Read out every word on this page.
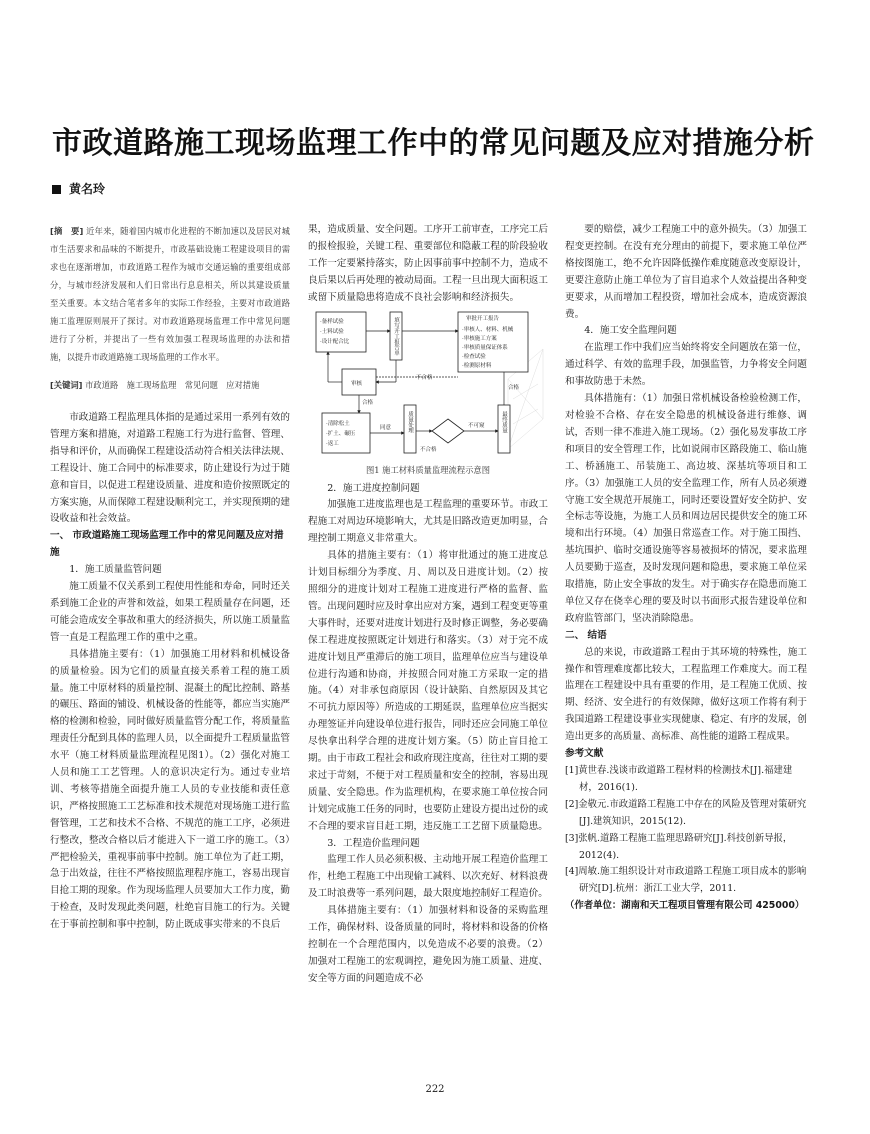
市政道路施工现场监理工作中的常见问题及应对措施分析
黄名玲
[摘　要] 近年来，随着国内城市化进程的不断加速以及居民对城市生活要求和品味的不断提升，市政基础设施工程建设项目的需求也在逐渐增加，市政道路工程作为城市交通运输的重要组成部分，与城市经济发展和人们日常出行息息相关，所以其建设质量至关重要。本文结合笔者多年的实际工作经验，主要对市政道路施工监理原则展开了探讨。对市政道路现场监理工作中常见问题进行了分析，并提出了一些有效加强工程现场监理的办法和措施，以提升市政道路施工现场监理的工作水平。
[关键词] 市政道路　施工现场监理　常见问题　应对措施

市政道路工程监理具体指的是通过采用一系列有效的管理方案和措施，对道路工程施工行为进行监督、管理、指导和评价，从而确保工程建设活动符合相关法律法规、工程设计、施工合同中的标准要求，防止建设行为过于随意和盲目，以促进工程建设质量、进度和造价按照既定的方案实施，从而保障工程建设顺利完工，并实现预期的建设收益和社会效益。

一、 市政道路施工现场监理工作中的常见问题及应对措施
1．施工质量监管问题

施工质量不仅关系到工程使用性能和寿命，同时还关系到施工企业的声誉和效益，如果工程质量存在问题，还可能会造成安全事故和重大的经济损失，所以施工质量监管一直是工程监理工作的重中之重。

具体措施主要有：（1）加强施工用材料和机械设备的质量检验。因为它们的质量直接关系着工程的施工质量。施工中原材料的质量控制、混凝土的配比控制、路基的碾压、路面的铺设、机械设备的性能等，都应当实施严格的检测和检验，同时做好质量监管分配工作，将质量监理责任分配到具体的监理人员，以全面提升工程质量监管水平（施工材料质量监理流程见图1）。（2）强化对施工人员和施工工艺管理。人的意识决定行为。通过专业培训、考核等措施全面提升施工人员的专业技能和责任意识，严格按照施工工艺标准和技术规范对现场施工进行监督管理，工艺和技术不合格、不规范的施工工序，必须进行整改，整改合格以后才能进入下一道工序的施工。（3）严把检验关，重视事前事中控制。施工单位为了赶工期，急于出效益，往往不严格按照监理程序施工，容易出现盲目抢工期的现象。作为现场监理人员要加大工作力度，勤于检查，及时发现此类问题，杜绝盲目施工的行为。关键在于事前控制和事中控制，防止既成事实带来的不良后

果，造成质量、安全问题。工序开工前审查，工序完工后的报检报验，关键工程、重要部位和隐蔽工程的阶段验收工作一定要紧持落实，防止因事前事中控制不力，造成不良后果以后再处理的被动局面。工程一旦出现大面积返工或留下质量隐患将造成不良社会影响和经济损失。

·备样试验
·土料试验
·设计配合比	填写开工报告单	审批开工报告
·审核人、材料、机械
·审核施工方案
·审核质量保证体系
·检查试验
·检测原材料
审核
不合格
合格
·清除松土
·扩土、碾压
·返工
质量处理
同意	不可窥
不合格
最终质量
合格
图1 施工材料质量监理流程示意图
2．施工进度控制问题

加强施工进度监理也是工程监理的重要环节。市政工程施工对周边环境影响大，尤其是旧路改造更加明显，合理控制工期意义非常重大。

具体的措施主要有：（1）将审批通过的施工进度总计划目标细分为季度、月、周以及日进度计划。（2）按照细分的进度计划对工程施工进度进行严格的监督、监管。出现问题时应及时拿出应对方案，遇到工程变更等重大事件时，还要对进度计划进行及时修正调整，务必要确保工程进度按照既定计划进行和落实。（3）对于完不成进度计划且严重滞后的施工项目，监理单位应当与建设单位进行沟通和协商，并按照合同对施工方采取一定的措施。（4）对非承包商原因（设计缺陷、自然原因及其它不可抗力原因等）所造成的工期延误，监理单位应当据实办理签证并向建设单位进行报告，同时还应会同施工单位尽快拿出科学合理的进度计划方案。（5）防止盲目抢工期。由于市政工程社会和政府现注度高，往往对工期的要求过于苛刻，不便于对工程质量和安全的控制，容易出现质量、安全隐患。作为监理机构，在要求施工单位按合同计划完成施工任务的同时，也要防止建设方提出过份的或不合理的要求盲目赶工期，违反施工工艺留下质量隐患。

3．工程造价监理问题

监理工作人员必须积极、主动地开展工程造价监理工作，杜绝工程施工中出现偷工减料、以次充好、材料浪费及工时浪费等一系列问题，最大限度地控制好工程造价。

具体措施主要有：（1）加强材料和设备的采购监理工作，确保材料、设备质量的同时，将材料和设备的价格控制在一个合理范围内，以免造成不必要的浪费。（2）加强对工程施工的宏观调控，避免因为施工质量、进度、安全等方面的问题造成不必

要的赔偿，减少工程施工中的意外损失。（3）加强工程变更控制。在没有充分理由的前提下，要求施工单位严格按图施工，绝不允许因降低操作难度随意改变原设计，更要注意防止施工单位为了盲目追求个人效益提出各种变更要求，从而增加工程投资，增加社会成本，造成资源浪费。

4．施工安全监理问题

在监理工作中我们应当始终将安全问题放在第一位，通过科学、有效的监理手段，加强监管，力争将安全问题和事故防患于未然。

具体措施有：（1）加强日常机械设备检验检测工作，对检验不合格、存在安全隐患的机械设备进行维修、调试，否则一律不准进入施工现场。（2）强化易发事故工序和项目的安全管理工作，比如说闹市区路段施工、临山施工、桥涵施工、吊装施工、高边坡、深基坑等项目和工序。（3）加强施工人员的安全监理工作，所有人员必须遵守施工安全规范开展施工，同时还要设置好安全防护、安全标志等设施，为施工人员和周边居民提供安全的施工环境和出行环境。（4）加强日常巡查工作。对于施工围挡、基坑围护、临时交通设施等容易被损坏的情况，要求监理人员要勤于巡查，及时发现问题和隐患，要求施工单位采取措施，防止安全事故的发生。对于确实存在隐患而施工单位又存在侥幸心理的要及时以书面形式报告建设单位和政府监管部门，坚决消除隐患。

二、 结语

总的来说，市政道路工程由于其环境的特殊性，施工操作和管理难度都比较大，工程监理工作难度大。而工程监理在工程建设中具有重要的作用，是工程施工优质、按期、经济、安全进行的有效保障，做好这项工作将有利于我国道路工程建设事业实现健康、稳定、有序的发展，创造出更多的高质量、高标准、高性能的道路工程成果。

参考文献
[1]黄世春.浅谈市政道路工程材料的检测技术[J].福建建材，2016(1).
[2]金敬元.市政道路工程施工中存在的风险及管理对策研究[J].建筑知识，2015(12).
[3]张帆.道路工程施工监理思路研究[J].科技创新导报，2012(4).
[4]周敏.施工组织设计对市政道路工程施工项目成本的影响研究[D].杭州：浙江工业大学，2011.
（作者单位：湖南和天工程项目管理有限公司 425000）
222
